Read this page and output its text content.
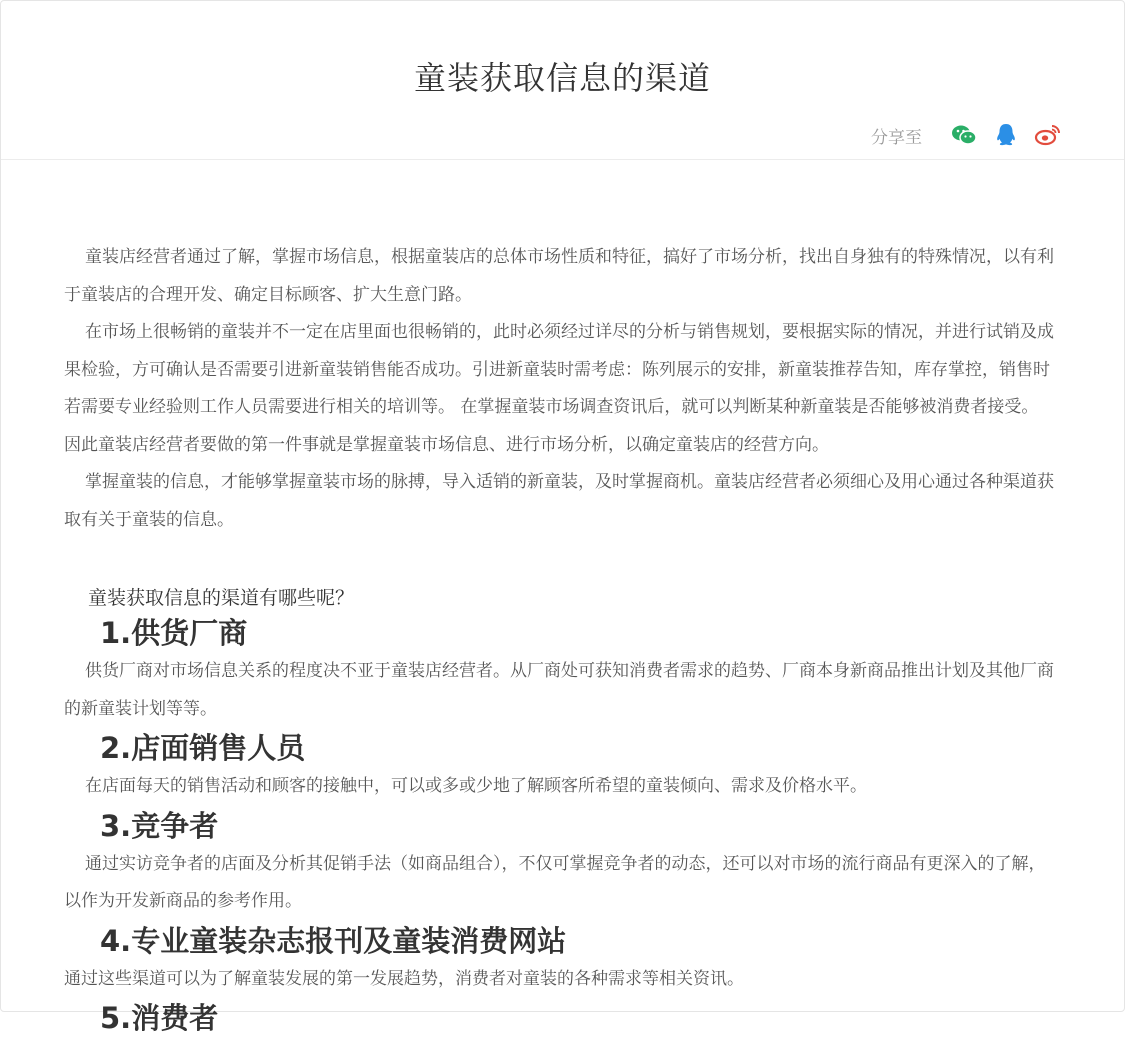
童装获取信息的渠道
分享至

童装店经营者通过了解，掌握市场信息，根据童装店的总体市场性质和特征，搞好了市场分析，找出自身独有的特殊情况，以有利于童装店的合理开发、确定目标顾客、扩大生意门路。

在市场上很畅销的童装并不一定在店里面也很畅销的，此时必须经过详尽的分析与销售规划，要根据实际的情况，并进行试销及成果检验，方可确认是否需要引进新童装销售能否成功。引进新童装时需考虑：陈列展示的安排，新童装推荐告知，库存掌控，销售时若需要专业经验则工作人员需要进行相关的培训等。 在掌握童装市场调查资讯后，就可以判断某种新童装是否能够被消费者接受。因此童装店经营者要做的第一件事就是掌握童装市场信息、进行市场分析，以确定童装店的经营方向。

掌握童装的信息，才能够掌握童装市场的脉搏，导入适销的新童装，及时掌握商机。童装店经营者必须细心及用心通过各种渠道获取有关于童装的信息。

童装获取信息的渠道有哪些呢？

1.供货厂商

供货厂商对市场信息关系的程度决不亚于童装店经营者。从厂商处可获知消费者需求的趋势、厂商本身新商品推出计划及其他厂商的新童装计划等等。

2.店面销售人员

在店面每天的销售活动和顾客的接触中，可以或多或少地了解顾客所希望的童装倾向、需求及价格水平。

3.竞争者

通过实访竞争者的店面及分析其促销手法（如商品组合），不仅可掌握竞争者的动态，还可以对市场的流行商品有更深入的了解，以作为开发新商品的参考作用。

4.专业童装杂志报刊及童装消费网站

通过这些渠道可以为了解童装发展的第一发展趋势，消费者对童装的各种需求等相关资讯。

5.消费者
